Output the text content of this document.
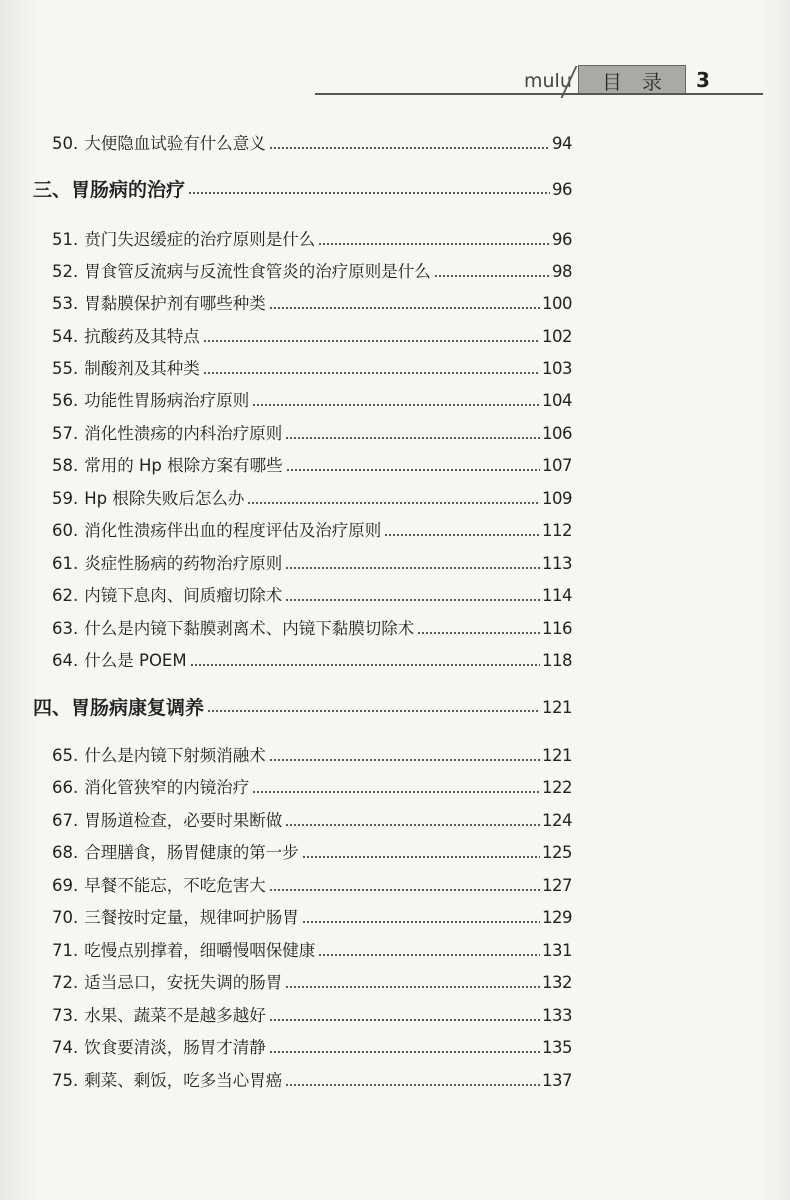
mulu	目录 3
50. 大便隐血试验有什么意义	94
三、 胃肠病的治疗	96
51. 贲门失迟缓症的治疗原则是什么	96
52. 胃食管反流病与反流性食管炎的治疗原则是什么	98
53. 胃黏膜保护剂有哪些种类	100
54. 抗酸药及其特点	102
55. 制酸剂及其种类	103
56. 功能性胃肠病治疗原则	104
57. 消化性溃疡的内科治疗原则	106
58. 常用的 Hp 根除方案有哪些	107
59. Hp 根除失败后怎么办	109
60. 消化性溃疡伴出血的程度评估及治疗原则	112
61. 炎症性肠病的药物治疗原则	113
62. 内镜下息肉、间质瘤切除术	114
63. 什么是内镜下黏膜剥离术、内镜下黏膜切除术	116
64. 什么是 POEM	118
四、 胃肠病康复调养	121
65. 什么是内镜下射频消融术	121
66. 消化管狭窄的内镜治疗	122
67. 胃肠道检查，必要时果断做	124
68. 合理膳食，肠胃健康的第一步	125
69. 早餐不能忘，不吃危害大	127
70. 三餐按时定量，规律呵护肠胃	129
71. 吃慢点别撑着，细嚼慢咽保健康	131
72. 适当忌口，安抚失调的肠胃	132
73. 水果、蔬菜不是越多越好	133
74. 饮食要清淡，肠胃才清静	135
75. 剩菜、剩饭，吃多当心胃癌	137
